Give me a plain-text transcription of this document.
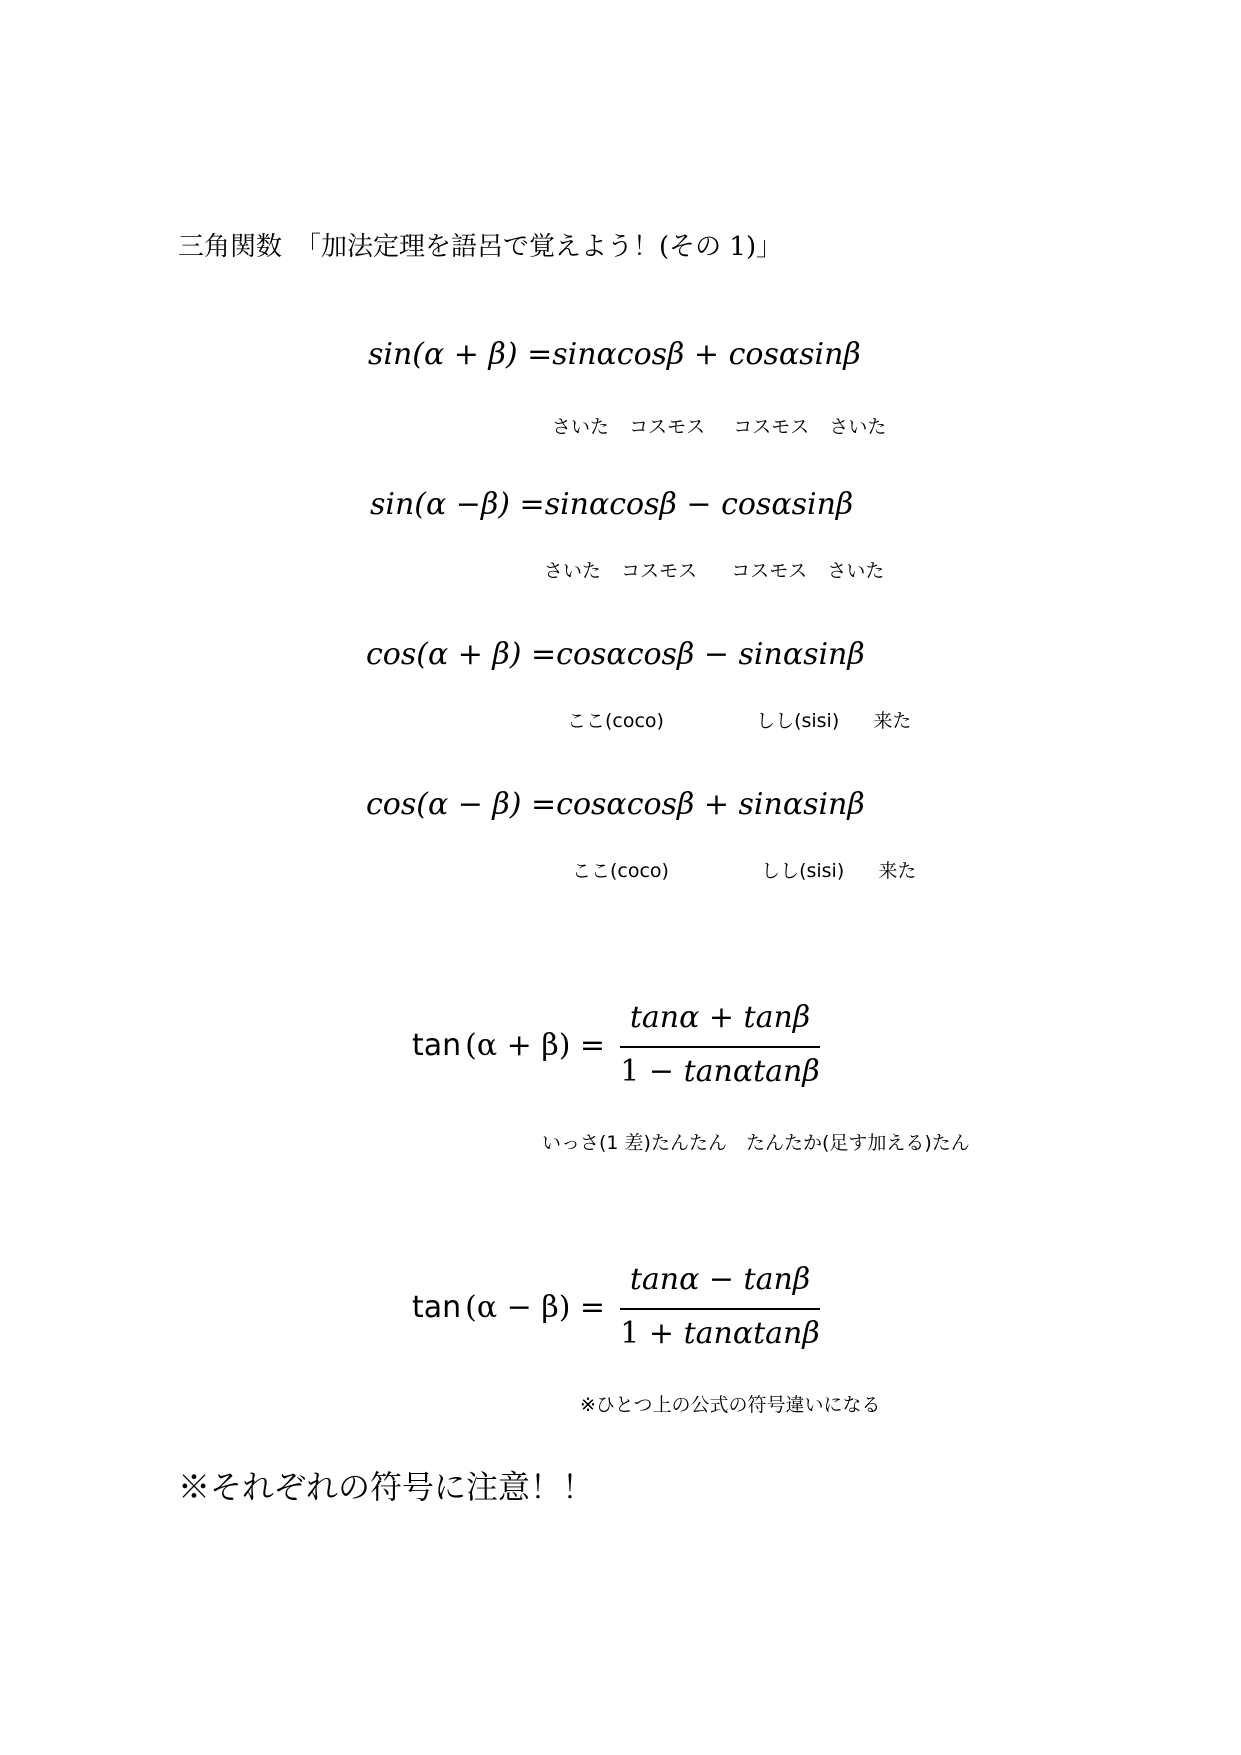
三角関数　「加法定理を語呂で覚えよう！(その 1)」
sin(α + β) =sinαcosβ + cosαsinβ
さいた コスモス コスモス さいた
sin(α −β) =sinαcosβ − cosαsinβ
さいた コスモス コスモス さいた
cos(α + β) =cosαcosβ − sinαsinβ
ここ(coco)	しし(sisi) 来た
cos(α − β) =cosαcosβ + sinαsinβ
ここ(coco)	しし(sisi) 来た
tan (α + β) =
tanα + tanβ
1 − tanαtanβ
いっさ(1 差)たんたん　たんたか(足す加える)たん
tan (α − β) =
tanα − tanβ
1 + tanαtanβ
※ひとつ上の公式の符号違いになる
※それぞれの符号に注意！！
